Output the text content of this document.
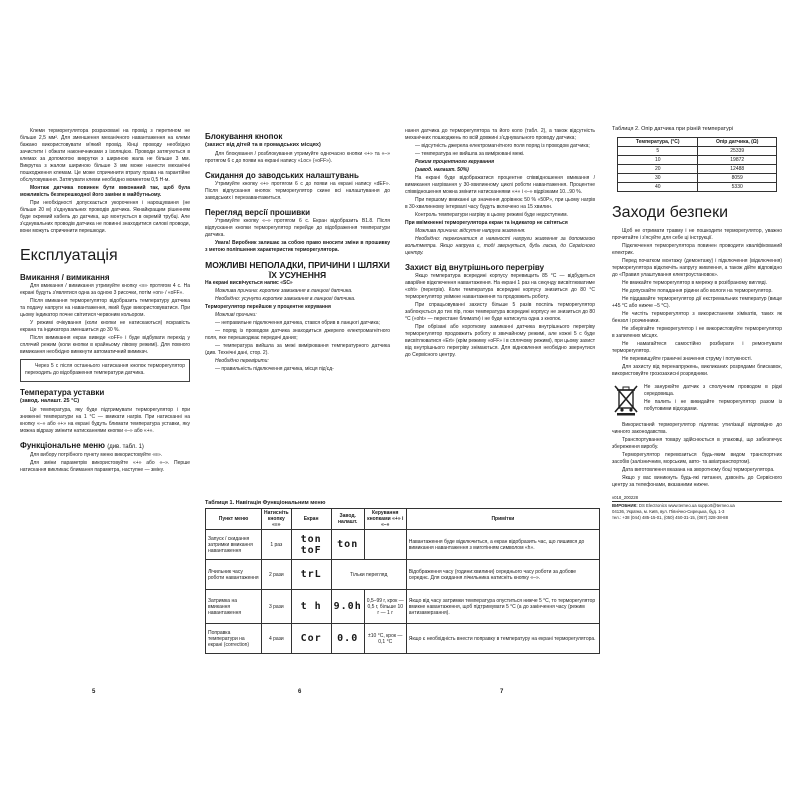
Клеми терморегулятора розраховані на провід з перетином не більше 2,5 мм². Для зменшення механічного навантаження на клеми бажано використовувати м'який провід. Кінці проводу необхідно зачистити і обжати наконечниками з ізоляцією. Проводи затягуються в клемах за допомогою викрутки з шириною жала не більше 3 мм. Викрутка з жалом шириною більше 3 мм може нанести механічні пошкодження клемам. Це може спричинити втрату права на гарантійне обслуговування. Затягувати клеми необхідно моментом 0,5 Н·м.

Монтаж датчика повинен бути виконаний так, щоб була можливість безперешкодної його заміни в майбутньому.

При необхідності допускається укорочення і нарощування (не більше 20 м) з'єднувальних проводів датчика. Якнайкращим рішенням буде окремий кабель до датчика, що монтується в окремій трубці. Але з'єднувальних проводів датчика не повинні знаходитися силові проводи, вони можуть спричинити перешкоди.

Експлуатація
Вмикання / вимикання

Для вмикання / вимикання утримуйте кнопку «≡» протягом 4 с. На екрані будуть з'являтися одна за одною 3 рисочки, потім «on» / «oFF».

Після вмикання терморегулятор відобразить температуру датчика та подачу напруги на навантаження, який буде використовуватися. При цьому індикатор почне світитися червоним кольором.

У режимі очікування (коли кнопки не натискаються) яскравість екрана та індикатора зменшиться до 30 %.

Після вимикання екран виведе «oFF» і буде відбувати перехід у сплячий режим (коли кнопки в крайньому лівому режимі). Для повного вимикання необхідно вимкнути автоматичний вимикач.

Через 5 с після останнього натискання кнопок терморегулятор переходить до відображення температури датчика.

Температура уставки
(завод. налашт. 25 °C)

Це температура, яку буде підтримувати терморегулятор і при зниженні температури на 1 °C — вмикати нагрів. При натисканні на кнопку «–» або «+» на екрані будуть блимати температура уставки, яку можна відразу змінити натисканнями кнопки «–» або «+».

Функціональне меню (див. табл. 1)

Для вибору потрібного пункту меню використовуйте «≡».

Для зміни параметрів використовуйте «+» або «–». Перше натискання викликає блимання параметра, наступне — зміну.

5
Блокування кнопок
(захист від дітей та в громадських місцях)

Для блокування / розблокування утримуйте одночасно кнопки «+» та «–» протягом 6 с до появи на екрані напису «Loc» («oFF»).

Скидання до заводських налаштувань

Утримуйте кнопку «+» протягом 6 с до появи на екрані напису «dEF». Після відпускання кнопок терморегулятор скине всі налаштування до заводських і перезавантажиться.

Перегляд версії прошивки

Утримуйте кнопку «–» протягом 6 с. Екран відобразить B1.8. Після відпускання кнопки терморегулятор перейде до відображення температури датчика.

Увага! Виробник залишає за собою право вносити зміни в прошивку з метою поліпшення характеристик терморегулятора.

МОЖЛИВІ НЕПОЛАДКИ, ПРИЧИНИ І ШЛЯХИ ЇХ УСУНЕННЯ

На екрані висвічується напис «SC»

Можлива причина: коротке замикання в ланцюгі датчика.

Необхідно: усунути коротке замикання в ланцюгі датчика.

Терморегулятор перейшов у процентне керування

Можливі причини:

— неправильне підключення датчика, стався обрив в ланцюгі датчика;

— поряд із проводом датчика знаходиться джерело електромагнітного поля, яке перешкоджає передачі даних;

— температура вийшла за межі вимірювання температурного датчика (див. Технічні дані, стор. 2).

Необхідно перевірити:

— правильність підключення датчика, місця під'єд-

Таблиця 1. Навігація Функціональним меню
Пункт меню	Натисніть кнопку «≡»	Екран	Завод. налашт.	Керування кнопками «+» і «–»	Примітки
Запуск / скидання затримки вмикання навантаження	1 раз	ton
toF	ton		Навантаження буде відключиться, а екран відобразить час, що лишився до вимикання навантаження з миготінням символом «h».
Лічильник часу роботи навантаження	2 рази	trL	Тільки перегляд		Відображення часу (години:хвилини) середнього часу роботи за добове середнє. Для скидання лічильника натисніть кнопку «–».
Затримка на вмикання навантаження	3 рази	t h	9.0h	0,5–99 г, крок — 0,5 г, більше 10 г — 1 г	Якщо від часу затримки температура опуститься нижче 5 °C, то терморегулятор вмикне навантаження, щоб підтримувати 5 °C (а до закінчення часу (режим антизамерзання).
Поправка температури на екрані (correction)	4 рази	Cor	0.0	±10 °C, крок — 0,1 °C	Якщо є необхідність внести поправку в температуру на екрані терморегулятора.
6

нання датчика до терморегулятора та його коло (табл. 2), а також відсутність механічних пошкоджень по всій довжині з'єднувального проводу датчика;

— відсутність джерела електромагнітного поля поряд із проводом датчика;

— температура не вийшла за вимірювані межі.

Режим процентного керування

(завод. налашт. 50%)

На екрані буде відображатися процентне співвідношення вмикання / вимикання нагрівання у 30-хвилинному циклі роботи навантаження. Процентне співвідношення можна змінити натисканнями «+» і «–» відрізками 10...90 %.

При першому вмиканні це значення дорівнює 50 % «50P», при цьому нагрів в 30-хвилинному інтервалі часу будуть включено на 15 хвилин.

Контроль температури нагріву в цьому режимі буде недоступним.

При ввімкненні терморегулятора екран та індикатор не світяться

Можлива причина: відсутня напруга живлення.

Необхідно: переконатися в наявності напруги живлення за допомогою вольтметра. Якщо напруга є, тоді звернуться, будь ласка, до Сервісного центру.

Захист від внутрішнього перегріву

Якщо температура всередині корпусу перевищить 85 °C — відбудеться аварійне відключення навантаження. На екрані 1 раз на секунду висвітлюватиме «oht» (перегрів). Коли температура всередині корпусу знизиться до 80 °C терморегулятор увімкне навантаження та продовжить роботу.

При спрацьовуванні захисту більше 5 разів поспіль терморегулятор заблокується до тих пір, поки температура всередині корпусу не знизиться до 80 °C («oht» — перестане блимати) і не буде натиснута одна з кнопок.

При обрізані або короткому замиканні датчика внутрішнього перегріву терморегулятор продовжить роботу в звичайному режимі, але кожні 5 с буде висвітлюватися «Ert» (крім режиму «oFF» і в сплячому режимі), при цьому захист від внутрішнього перегріву знімаються. Для відновлення необхідно звернутися до Сервісного центру.

7
Таблиця 2. Опір датчика при різній температурі
Температура, (°C)	Опір датчика, (Ω)
5	25339
10	19872
20	12488
30	8059
40	5330
Заходи безпеки

Щоб не отримати травму і не пошкодити терморегулятор, уважно прочитайте і з'ясуйте для себе ці інструкції.

Підключення терморегулятора повинен проводити кваліфікований електрик.

Перед початком монтажу (демонтажу) і підключення (відключення) терморегулятора відключіть напругу живлення, а також дійте відповідно до «Правил улаштування електроустановок».

Не вмикайте терморегулятор в мережу в розібраному вигляді.

Не допускайте попадання рідини або вологи на терморегулятор.

Не піддавайте терморегулятор дії екстремальних температур (вище +45 °C або нижче –5 °C).

Не чистіть терморегулятор з використанням хімікатів, таких як бензол і розчинники.

Не зберігайте терморегулятор і не використовуйте терморегулятор в запилених місцях.

Не намагайтеся самостійно розбирати і ремонтувати терморегулятор.

Не перевищуйте граничні значення струму і потужності.

Для захисту від перенапружень, викликаних розрядами блискавок, використовуйте грозозахисні розрядники.

Не занурюйте датчик з сполучним проводом в рідкі середовища.

Не палить і не викидайте терморегулятор разом із побутовими відходами.

Використаний терморегулятор підлягає утилізації відповідно до чинного законодавства.

Транспортування товару здійснюється в упаковці, що забезпечує збереження виробу.

Терморегулятор перевозиться будь-яким видом транспортних засобів (залізничним, морським, авто- та авіатранспортом).

Дата виготовлення вказана на зворотному боці терморегулятора.

Якщо у вас виникнуть будь-які питання, дзвоніть до Сервісного центру за телефонами, вказаними нижче.

v018_200228
ВИРОБНИК: DS Electronics www.terneo.ua support@terneo.ua
04136, Україна, м. Київ, вул. Північно-Сирецька, буд. 1-3
тел.: +38 (044) 485-15-01, (050) 450-31-15, (067) 328-38-88
